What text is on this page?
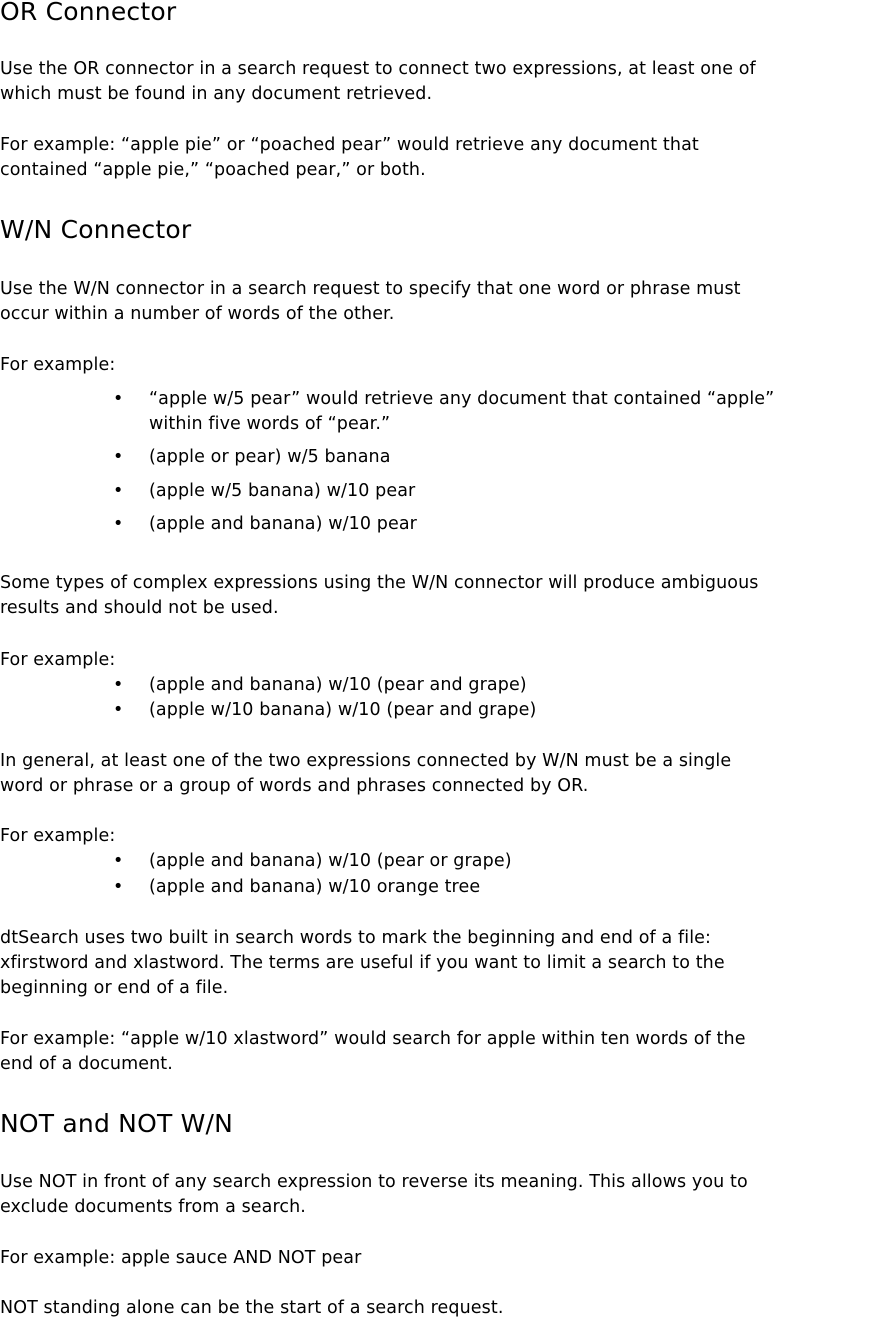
OR Connector

Use the OR connector in a search request to connect two expressions, at least one of
which must be found in any document retrieved.

For example: “apple pie” or “poached pear” would retrieve any document that
contained “apple pie,” “poached pear,” or both.

W/N Connector

Use the W/N connector in a search request to specify that one word or phrase must
occur within a number of words of the other.

For example:

•	“apple w/5 pear” would retrieve any document that contained “apple”
within five words of “pear.”
•	(apple or pear) w/5 banana
•	(apple w/5 banana) w/10 pear
•	(apple and banana) w/10 pear

Some types of complex expressions using the W/N connector will produce ambiguous
results and should not be used.

For example:

•	(apple and banana) w/10 (pear and grape)
•	(apple w/10 banana) w/10 (pear and grape)

In general, at least one of the two expressions connected by W/N must be a single
word or phrase or a group of words and phrases connected by OR.

For example:

•	(apple and banana) w/10 (pear or grape)
•	(apple and banana) w/10 orange tree

dtSearch uses two built in search words to mark the beginning and end of a file:
xfirstword and xlastword. The terms are useful if you want to limit a search to the
beginning or end of a file.

For example: “apple w/10 xlastword” would search for apple within ten words of the
end of a document.

NOT and NOT W/N

Use NOT in front of any search expression to reverse its meaning. This allows you to
exclude documents from a search.

For example: apple sauce AND NOT pear

NOT standing alone can be the start of a search request.
